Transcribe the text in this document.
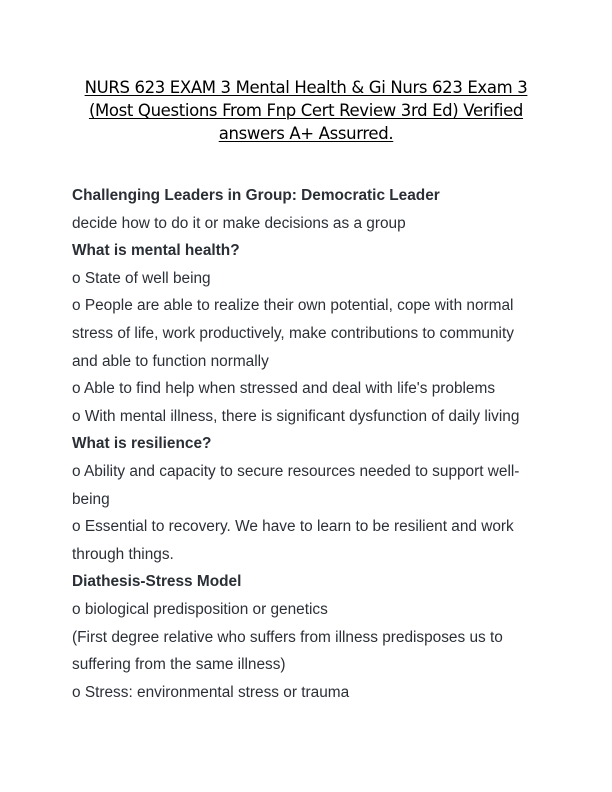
NURS 623 EXAM 3 Mental Health & Gi Nurs 623 Exam 3
(Most Questions From Fnp Cert Review 3rd Ed) Verified
answers A+ Assurred.
Challenging Leaders in Group: Democratic Leader
decide how to do it or make decisions as a group
What is mental health?
o State of well being
o People are able to realize their own potential, cope with normal
stress of life, work productively, make contributions to community
and able to function normally
o Able to find help when stressed and deal with life's problems
o With mental illness, there is significant dysfunction of daily living
What is resilience?
o Ability and capacity to secure resources needed to support well-
being
o Essential to recovery. We have to learn to be resilient and work
through things.
Diathesis-Stress Model
o biological predisposition or genetics
(First degree relative who suffers from illness predisposes us to
suffering from the same illness)
o Stress: environmental stress or trauma
